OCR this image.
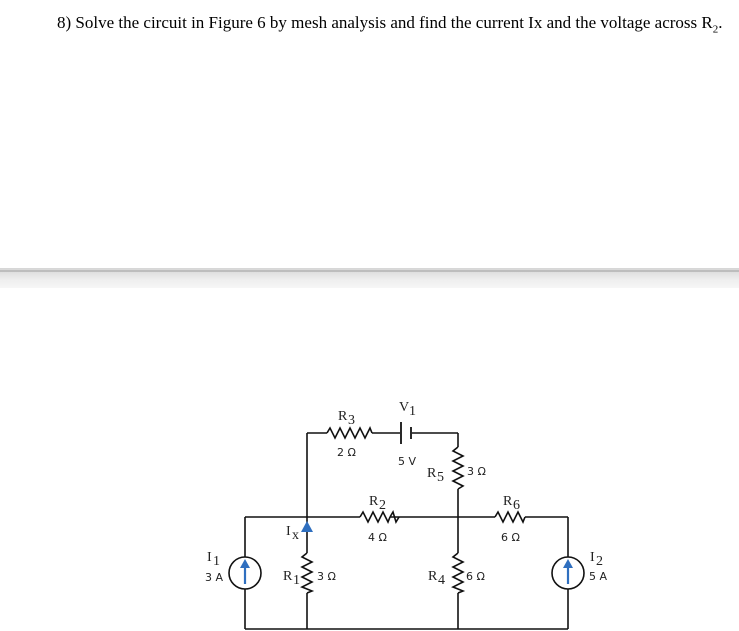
8) Solve the circuit in Figure 6 by mesh analysis and find the current Ix and the voltage across $R_2$.
R 3
2 Ω
R 2
4 Ω
R 6
6 Ω
R 5 3 Ω
R 1 3 Ω	R 4 6 Ω
V 1
5 V
I 1
3 A
I 2
5 A
I x
